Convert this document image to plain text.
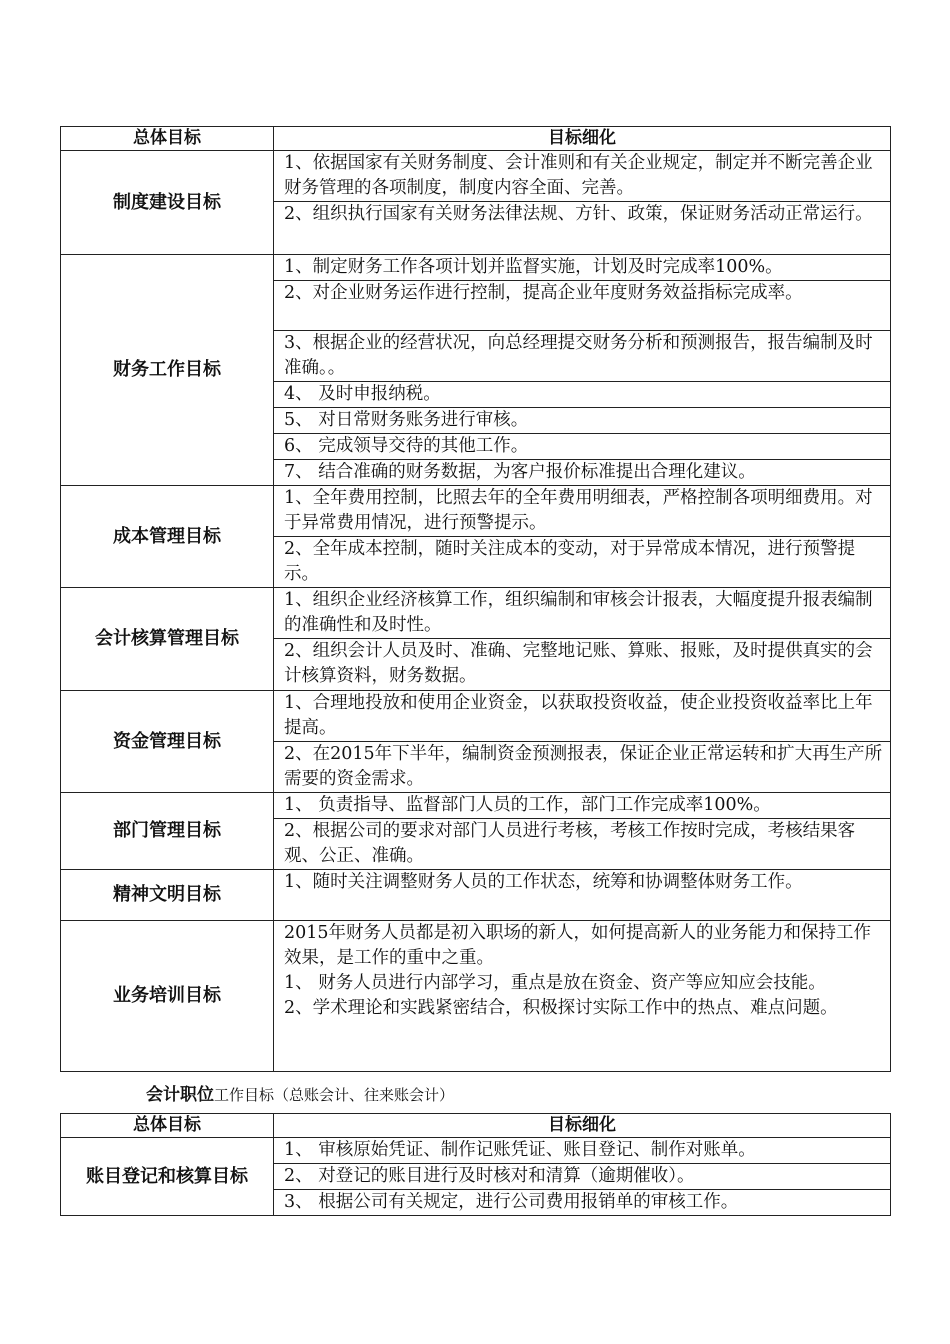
总体目标	目标细化
制度建设目标	1、依据国家有关财务制度、会计准则和有关企业规定，制定并不断完善企业财务管理的各项制度，制度内容全面、完善。
	2、组织执行国家有关财务法律法规、方针、政策，保证财务活动正常运行。
财务工作目标	1、制定财务工作各项计划并监督实施，计划及时完成率100%。
	2、对企业财务运作进行控制，提高企业年度财务效益指标完成率。
	3、根据企业的经营状况，向总经理提交财务分析和预测报告，报告编制及时准确。。
	4、 及时申报纳税。
	5、 对日常财务账务进行审核。
	6、 完成领导交待的其他工作。
	7、 结合准确的财务数据，为客户报价标准提出合理化建议。
成本管理目标	1、全年费用控制，比照去年的全年费用明细表，严格控制各项明细费用。对于异常费用情况，进行预警提示。
	2、全年成本控制，随时关注成本的变动，对于异常成本情况，进行预警提示。
会计核算管理目标	1、组织企业经济核算工作，组织编制和审核会计报表，大幅度提升报表编制的准确性和及时性。
	2、组织会计人员及时、准确、完整地记账、算账、报账，及时提供真实的会计核算资料，财务数据。
资金管理目标	1、合理地投放和使用企业资金，以获取投资收益，使企业投资收益率比上年提高。
	2、在2015年下半年，编制资金预测报表，保证企业正常运转和扩大再生产所需要的资金需求。
部门管理目标	1、 负责指导、监督部门人员的工作，部门工作完成率100%。
	2、根据公司的要求对部门人员进行考核，考核工作按时完成，考核结果客观、公正、准确。
精神文明目标	1、随时关注调整财务人员的工作状态，统筹和协调整体财务工作。
业务培训目标	2015年财务人员都是初入职场的新人，如何提高新人的业务能力和保持工作效果，是工作的重中之重。
1、 财务人员进行内部学习，重点是放在资金、资产等应知应会技能。
2、学术理论和实践紧密结合，积极探讨实际工作中的热点、难点问题。
会计职位工作目标（总账会计、往来账会计）
总体目标	目标细化
账目登记和核算目标	1、 审核原始凭证、制作记账凭证、账目登记、制作对账单。
	2、 对登记的账目进行及时核对和清算（逾期催收）。
	3、 根据公司有关规定，进行公司费用报销单的审核工作。
